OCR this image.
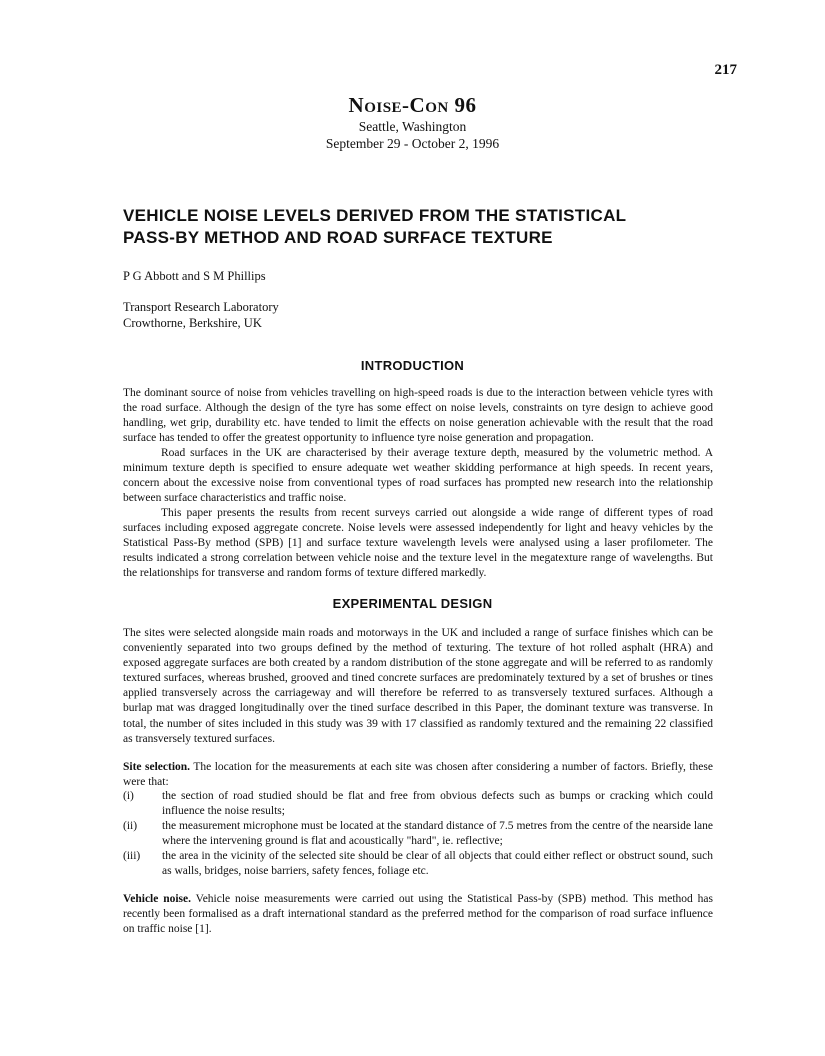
217
Noise-Con 96
Seattle, Washington
September 29 - October 2, 1996
VEHICLE NOISE LEVELS DERIVED FROM THE STATISTICAL
PASS-BY METHOD AND ROAD SURFACE TEXTURE
P G Abbott and S M Phillips
Transport Research Laboratory
Crowthorne, Berkshire, UK
INTRODUCTION

The dominant source of noise from vehicles travelling on high-speed roads is due to the interaction between vehicle tyres with the road surface. Although the design of the tyre has some effect on noise levels, constraints on tyre design to achieve good handling, wet grip, durability etc. have tended to limit the effects on noise generation achievable with the result that the road surface has tended to offer the greatest opportunity to influence tyre noise generation and propagation.

Road surfaces in the UK are characterised by their average texture depth, measured by the volumetric method. A minimum texture depth is specified to ensure adequate wet weather skidding performance at high speeds. In recent years, concern about the excessive noise from conventional types of road surfaces has prompted new research into the relationship between surface characteristics and traffic noise.

This paper presents the results from recent surveys carried out alongside a wide range of different types of road surfaces including exposed aggregate concrete. Noise levels were assessed independently for light and heavy vehicles by the Statistical Pass-By method (SPB) [1] and surface texture wavelength levels were analysed using a laser profilometer. The results indicated a strong correlation between vehicle noise and the texture level in the megatexture range of wavelengths. But the relationships for transverse and random forms of texture differed markedly.

EXPERIMENTAL DESIGN

The sites were selected alongside main roads and motorways in the UK and included a range of surface finishes which can be conveniently separated into two groups defined by the method of texturing. The texture of hot rolled asphalt (HRA) and exposed aggregate surfaces are both created by a random distribution of the stone aggregate and will be referred to as randomly textured surfaces, whereas brushed, grooved and tined concrete surfaces are predominately textured by a set of brushes or tines applied transversely across the carriageway and will therefore be referred to as transversely textured surfaces. Although a burlap mat was dragged longitudinally over the tined surface described in this Paper, the dominant texture was transverse. In total, the number of sites included in this study was 39 with 17 classified as randomly textured and the remaining 22 classified as transversely textured surfaces.

Site selection. The location for the measurements at each site was chosen after considering a number of factors. Briefly, these were that:

(i) the section of road studied should be flat and free from obvious defects such as bumps or cracking which could influence the noise results;
(ii) the measurement microphone must be located at the standard distance of 7.5 metres from the centre of the nearside lane where the intervening ground is flat and acoustically "hard", ie. reflective;
(iii) the area in the vicinity of the selected site should be clear of all objects that could either reflect or obstruct sound, such as walls, bridges, noise barriers, safety fences, foliage etc.

Vehicle noise. Vehicle noise measurements were carried out using the Statistical Pass-by (SPB) method. This method has recently been formalised as a draft international standard as the preferred method for the comparison of road surface influence on traffic noise [1].
